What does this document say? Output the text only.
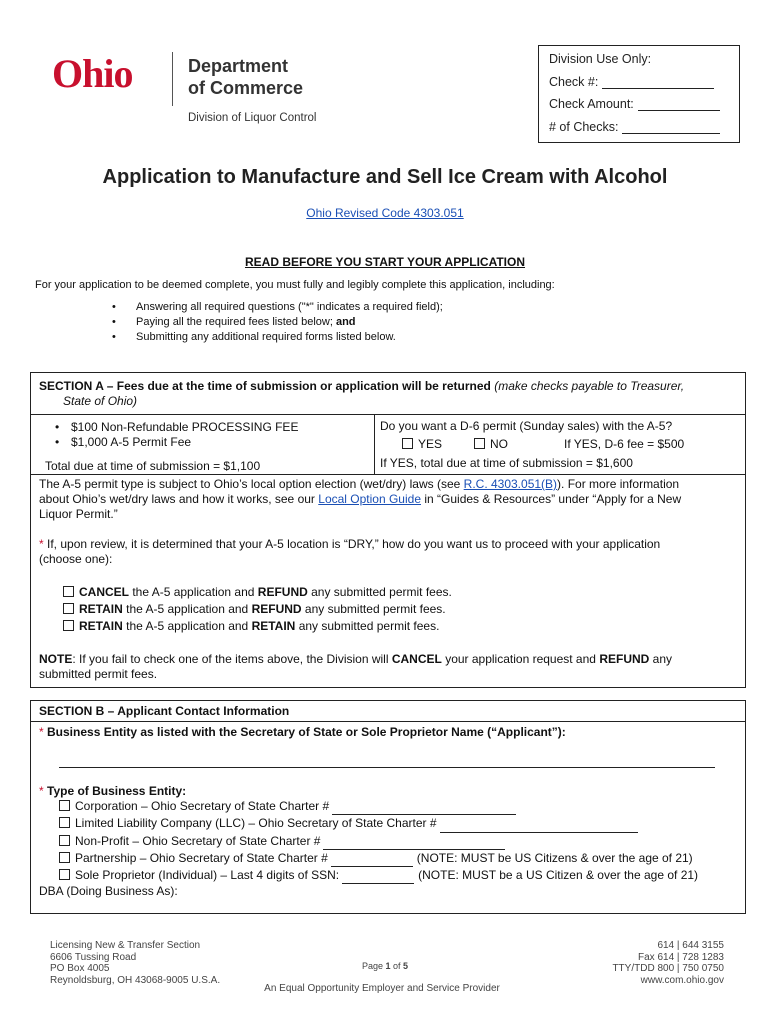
Ohio	Department
of Commerce
Division of Liquor Control
Division Use Only:
Check #:
Check Amount:
# of Checks:
Application to Manufacture and Sell Ice Cream with Alcohol
Ohio Revised Code 4303.051
READ BEFORE YOU START YOUR APPLICATION
For your application to be deemed complete, you must fully and legibly complete this application, including:
• Answering all required questions ("*" indicates a required field);
• Paying all the required fees listed below; and
• Submitting any additional required forms listed below.
SECTION A – Fees due at the time of submission or application will be returned (make checks payable to Treasurer,
State of Ohio)
• $100 Non-Refundable PROCESSING FEE
• $1,000 A-5 Permit Fee
Total due at time of submission = $1,100
Do you want a D-6 permit (Sunday sales) with the A-5?
YES	NO	If YES, D-6 fee = $500
If YES, total due at time of submission = $1,600
The A-5 permit type is subject to Ohio’s local option election (wet/dry) laws (see R.C. 4303.051(B)). For more information
about Ohio’s wet/dry laws and how it works, see our Local Option Guide in “Guides & Resources” under “Apply for a New
Liquor Permit.”
* If, upon review, it is determined that your A-5 location is “DRY,” how do you want us to proceed with your application
(choose one):
CANCEL the A-5 application and REFUND any submitted permit fees.
RETAIN the A-5 application and REFUND any submitted permit fees.
RETAIN the A-5 application and RETAIN any submitted permit fees.
NOTE: If you fail to check one of the items above, the Division will CANCEL your application request and REFUND any
submitted permit fees.
SECTION B – Applicant Contact Information
* Business Entity as listed with the Secretary of State or Sole Proprietor Name (“Applicant”):
* Type of Business Entity:
Corporation – Ohio Secretary of State Charter #
Limited Liability Company (LLC) – Ohio Secretary of State Charter #
Non-Profit – Ohio Secretary of State Charter #
Partnership – Ohio Secretary of State Charter #	(NOTE: MUST be US Citizens & over the age of 21)
Sole Proprietor (Individual) – Last 4 digits of SSN:	(NOTE: MUST be a US Citizen & over the age of 21)
DBA (Doing Business As):
Licensing New & Transfer Section
6606 Tussing Road
PO Box 4005
Reynoldsburg, OH 43068-9005 U.S.A.
Page 1 of 5
An Equal Opportunity Employer and Service Provider
614 | 644 3155
Fax 614 | 728 1283
TTY/TDD 800 | 750 0750
www.com.ohio.gov
